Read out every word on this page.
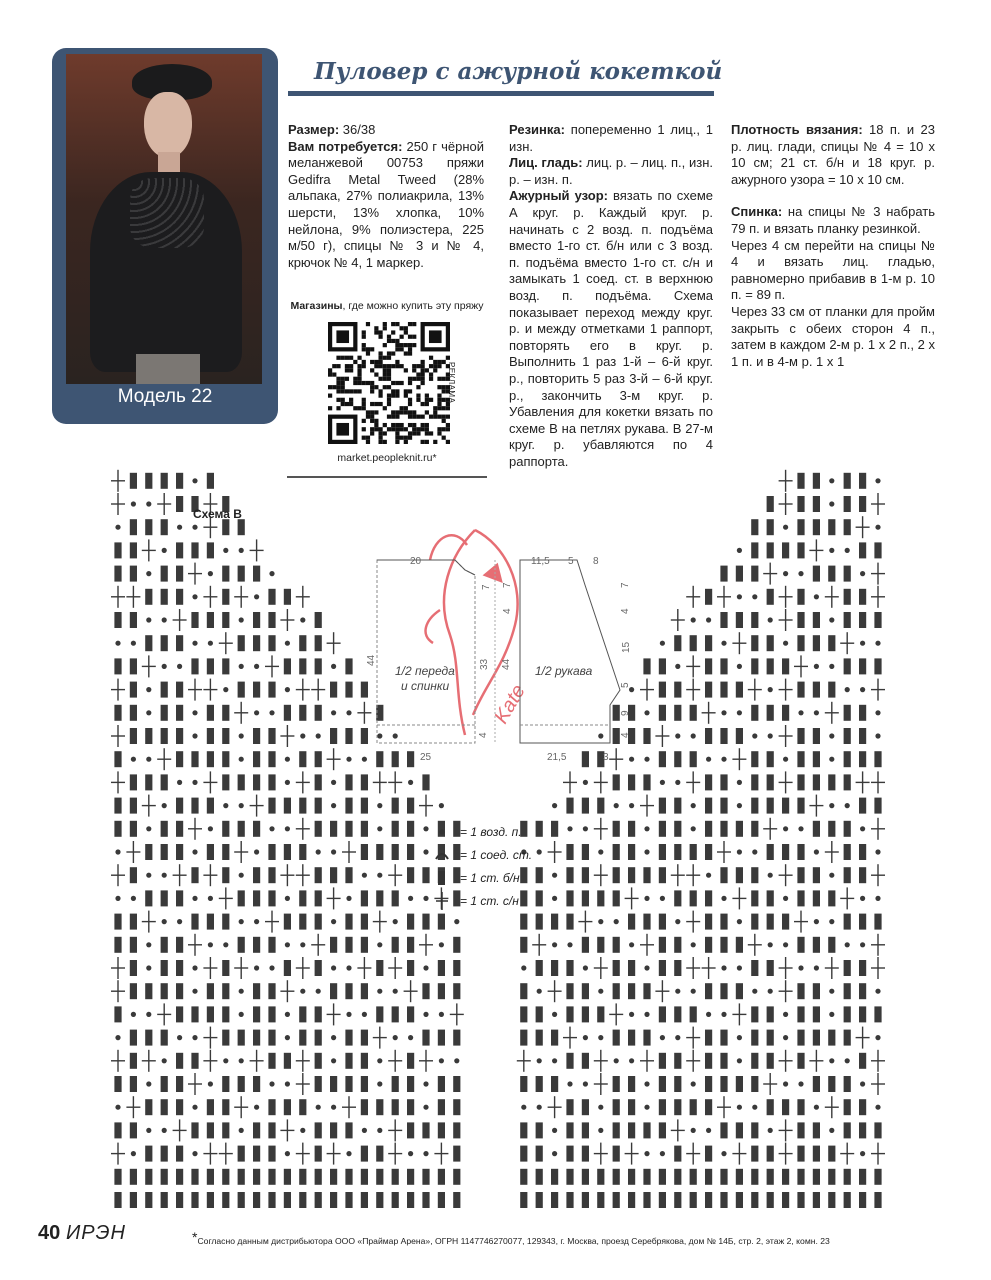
Модель 22
Пуловер с ажурной кокеткой

Размер: 36/38

Вам потребуется: 250 г чёрной меланжевой 00753 пряжи Gedifra Metal Tweed (28% альпака, 27% полиакрила, 13% шерсти, 13% хлопка, 10% нейлона, 9% полиэстера, 225 м/50 г), спицы № 3 и № 4, крючок № 4, 1 маркер.

Магазины, где можно купить эту пряжу
РЕКЛАМА
market.peopleknit.ru*

Резинка: попеременно 1 лиц., 1 изн.

Лиц. гладь: лиц. р. – лиц. п., изн. р. – изн. п.

Ажурный узор: вязать по схеме А круг. р. Каждый круг. р. начинать с 2 возд. п. подъёма вместо 1-го ст. б/н или с 3 возд. п. подъёма вместо 1-го ст. с/н и замыкать 1 соед. ст. в верхнюю возд. п. подъёма. Схема показывает переход между круг. р. и между отметками 1 раппорт, повторять его в круг. р. Выполнить 1 раз 1-й – 6-й круг. р., повторить 5 раз 3-й – 6-й круг. р., закончить 3-м круг. р. Убавления для кокетки вязать по схеме В на петлях рукава. В 27-м круг. р. убавляются по 4 раппорта.

Плотность вязания: 18 п. и 23 р. лиц. глади, спицы № 4 = 10 x 10 см; 21 ст. б/н и 18 круг. р. ажурного узора = 10 x 10 см.

Спинка: на спицы № 3 набрать 79 п. и вязать планку резинкой.

Через 4 см перейти на спицы № 4 и вязать лиц. гладью, равномерно прибавив в 1-м р. 10 п. = 89 п.

Через 33 см от планки для пройм закрыть с обеих сторон 4 п., затем в каждом 2-м р. 1 x 2 п., 2 x 1 п. и в 4-м р. 1 x 1

Схема В
Kate
1/2 переда
и спинки
1/2 рукава
20	11,5 5 8
44
7
33 44
4
25	21,5	3
7
4
15
5
9
4
7
4
= 1 возд. п.
= 1 соед. ст.
= 1 ст. б/н
= 1 ст. с/н
40 ИРЭН	*Согласно данным дистрибьютора ООО «Праймар Арена», ОГРН 1147746270077, 129343, г. Москва, проезд Серебрякова, дом № 14Б, стр. 2, этаж 2, комн. 23
